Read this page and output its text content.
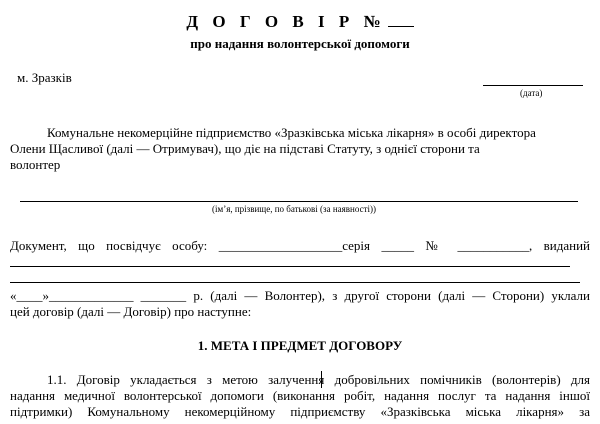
Д О Г О В І Р №
про надання волонтерської допомоги
м. Зразків
(дата)
Комунальне некомерційне підприємство «Зразківська міська лікарня» в особі директора
Олени Щасливої (далі — Отримувач), що діє на підставі Статуту, з однієї сторони та
волонтер
(ім’я, прізвище, по батькові (за наявності))
Документ, що посвідчує особу: ___________________серія _____ № ___________, виданий
«____»_____________ _______ р. (далі — Волонтер), з другої сторони (далі — Сторони) уклали
цей договір (далі — Договір) про наступне:
1. МЕТА І ПРЕДМЕТ ДОГОВОРУ
1.1. Договір укладається з метою залучення добровільних помічників (волонтерів) для
надання медичної волонтерської допомоги (виконання робіт, надання послуг та надання іншої
підтримки) Комунальному некомерційному підприємству «Зразківська міська лікарня» за
